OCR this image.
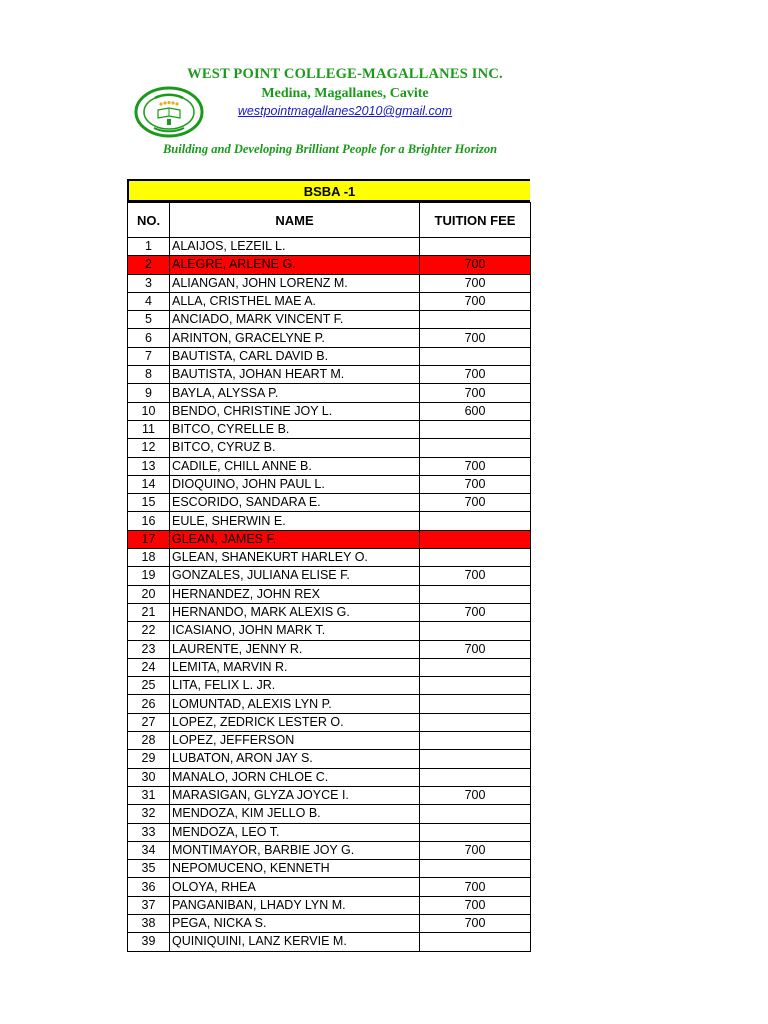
WEST POINT COLLEGE-MAGALLANES INC.
Medina, Magallanes, Cavite
westpointmagallanes2010@gmail.com
Building and Developing Brilliant People for a Brighter Horizon
BSBA -1
NO.	NAME	TUITION FEE
1	ALAIJOS, LEZEIL L.	
2	ALEGRE, ARLENE G.	700
3	ALIANGAN, JOHN LORENZ M.	700
4	ALLA, CRISTHEL MAE A.	700
5	ANCIADO, MARK VINCENT F.	
6	ARINTON, GRACELYNE P.	700
7	BAUTISTA, CARL DAVID B.	
8	BAUTISTA, JOHAN HEART M.	700
9	BAYLA, ALYSSA P.	700
10	BENDO, CHRISTINE JOY L.	600
11	BITCO, CYRELLE B.	
12	BITCO, CYRUZ B.	
13	CADILE, CHILL ANNE B.	700
14	DIOQUINO, JOHN PAUL L.	700
15	ESCORIDO, SANDARA E.	700
16	EULE, SHERWIN E.	
17	GLEAN, JAMES F.	
18	GLEAN, SHANEKURT HARLEY O.	
19	GONZALES, JULIANA ELISE F.	700
20	HERNANDEZ, JOHN REX	
21	HERNANDO, MARK ALEXIS G.	700
22	ICASIANO, JOHN MARK T.	
23	LAURENTE, JENNY R.	700
24	LEMITA, MARVIN R.	
25	LITA, FELIX L. JR.	
26	LOMUNTAD, ALEXIS LYN P.	
27	LOPEZ, ZEDRICK LESTER O.	
28	LOPEZ, JEFFERSON	
29	LUBATON, ARON JAY S.	
30	MANALO, JORN CHLOE C.	
31	MARASIGAN, GLYZA JOYCE I.	700
32	MENDOZA, KIM JELLO B.	
33	MENDOZA, LEO T.	
34	MONTIMAYOR, BARBIE JOY G.	700
35	NEPOMUCENO, KENNETH	
36	OLOYA, RHEA	700
37	PANGANIBAN, LHADY LYN M.	700
38	PEGA, NICKA S.	700
39	QUINIQUINI, LANZ KERVIE M.	
